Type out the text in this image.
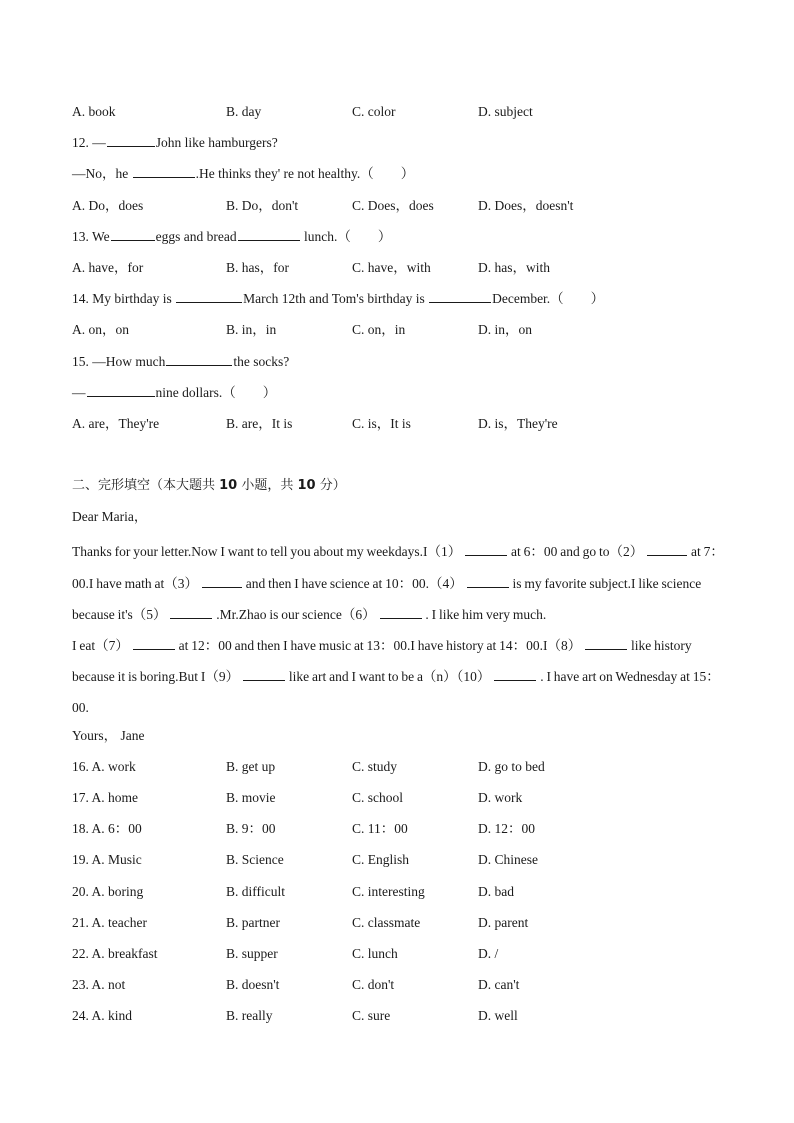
A. book	B. day	C. color	D. subject
12. —	John like hamburgers?
—No，he	.He thinks they' re not healthy.（　　）
A. Do，does	B. Do，don't	C. Does，does	D. Does，doesn't
13. We	eggs and bread	lunch.（　　）
A. have，for	B. has，for	C. have，with	D. has，with
14. My birthday is	March 12th and Tom's birthday is	December.（　　）
A. on，on	B. in，in	C. on，in	D. in，on
15. —How much	the socks?
—	nine dollars.（　　）
A. are，They're	B. are，It is	C. is，It is	D. is，They're
二、完形填空（本大题共 10 小题，共 10 分）
Dear Maria，
Thanks for your letter.Now I want to tell you about my weekdays.I（1）	at 6：00 and go to（2）	at 7：00.I have math at（3）	and then I have science at 10：00.（4）	is my favorite subject.I like science because it's（5）	.Mr.Zhao is our science（6）	. I like him very much.
I eat（7）	at 12：00 and then I have music at 13：00.I have history at 14：00.I（8）	like history because it is boring.But I（9）	like art and I want to be a（n）（10）	. I have art on Wednesday at 15：00.
Yours， Jane
16. A. work	B. get up	C. study	D. go to bed
17. A. home	B. movie	C. school	D. work
18. A. 6：00	B. 9：00	C. 11：00	D. 12：00
19. A. Music	B. Science	C. English	D. Chinese
20. A. boring	B. difficult	C. interesting	D. bad
21. A. teacher	B. partner	C. classmate	D. parent
22. A. breakfast	B. supper	C. lunch	D. /
23. A. not	B. doesn't	C. don't	D. can't
24. A. kind	B. really	C. sure	D. well
